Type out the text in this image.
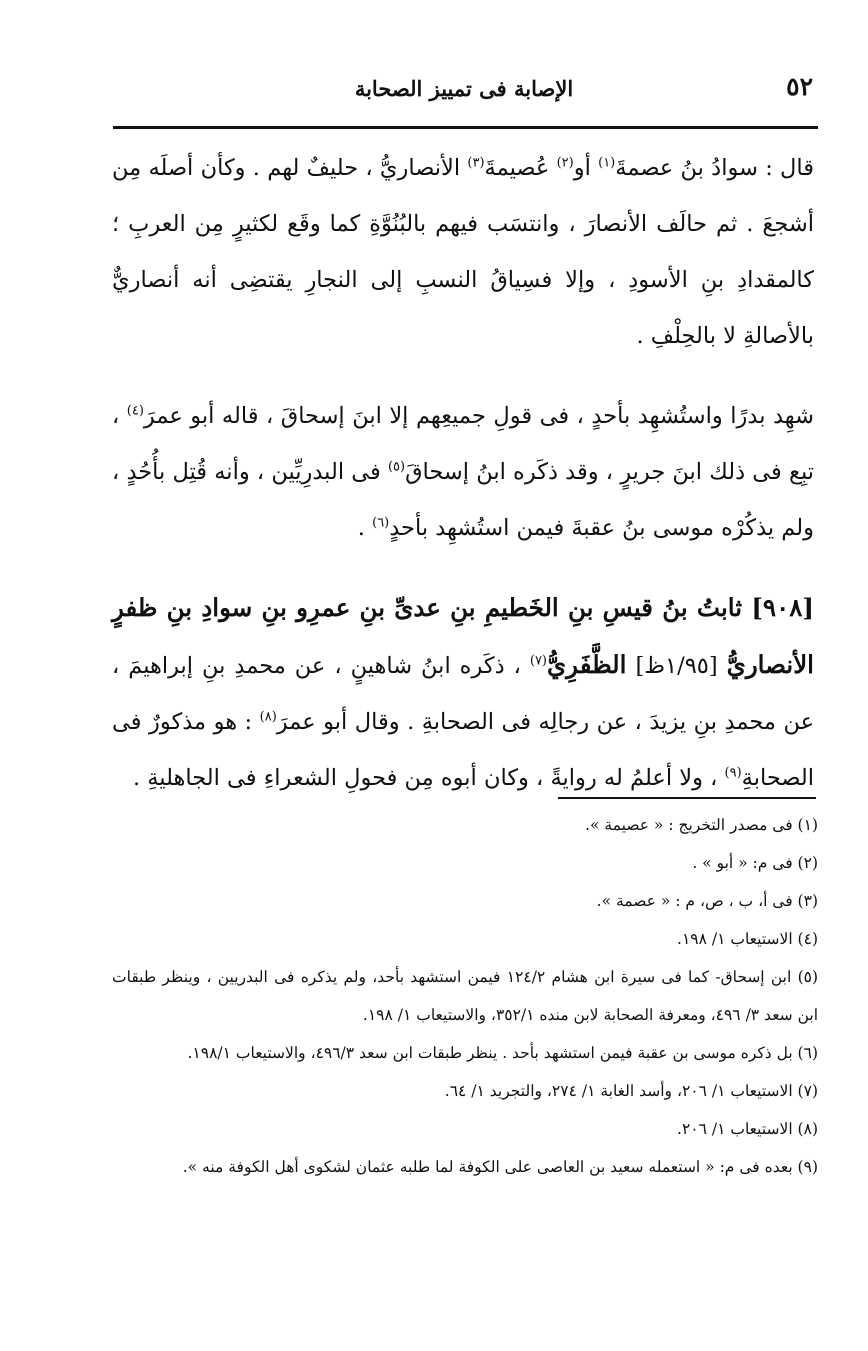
٥٢
الإصابة فى تمييز الصحابة

قال : سوادُ بنُ عصمةَ$^{(١)}$ أو$^{(٢)}$ عُصيمةَ$^{(٣)}$ الأنصاريُّ ، حليفٌ لهم . وكأن أصلَه مِن أشجعَ . ثم حالَف الأنصارَ ، وانتسَب فيهم بالبُنُوَّةِ كما وقَع لكثيرٍ مِن العربِ ؛ كالمقدادِ بنِ الأسودِ ، وإلا فسِياقُ النسبِ إلى النجارِ يقتضِى أنه أنصاريٌّ بالأصالةِ لا بالحِلْفِ .

شهِد بدرًا واستُشهِد بأحدٍ ، فى قولِ جميعِهم إلا ابنَ إسحاقَ ، قاله أبو عمرَ$^{(٤)}$ ، تبِع فى ذلك ابنَ جريرٍ ، وقد ذكَره ابنُ إسحاقَ$^{(٥)}$ فى البدرِيِّين ، وأنه قُتِل بأُحُدٍ ، ولم يذكُرْه موسى بنُ عقبةَ فيمن استُشهِد بأحدٍ$^{(٦)}$ .

[٩٠٨] ثابتُ بنُ قيسِ بنِ الخَطيمِ بنِ عدىِّ بنِ عمرِو بنِ سوادِ بنِ ظفرٍ الأنصاريُّ [١/٩٥ظ] الظَّفَرِيُّ$^{(٧)}$ ، ذكَره ابنُ شاهينٍ ، عن محمدِ بنِ إبراهيمَ ، عن محمدِ بنِ يزيدَ ، عن رجالِه فى الصحابةِ . وقال أبو عمرَ$^{(٨)}$ : هو مذكورٌ فى الصحابةِ$^{(٩)}$ ، ولا أعلمُ له روايةً ، وكان أبوه مِن فحولِ الشعراءِ فى الجاهليةِ .

(١) فى مصدر التخريج : « عصيمة ».

(٢) فى م: « أبو » .

(٣) فى أ، ب ، ص، م : « عصمة ».

(٤) الاستيعاب ١/ ١٩٨.

(٥) ابن إسحاق- كما فى سيرة ابن هشام ١٢٤/٢ فيمن استشهد بأحد، ولم يذكره فى البدريين ، وينظر طبقات ابن سعد ٣/ ٤٩٦، ومعرفة الصحابة لابن منده ٣٥٢/١، والاستيعاب ١/ ١٩٨.

(٦) بل ذكره موسى بن عقبة فيمن استشهد بأحد . ينظر طبقات ابن سعد ٤٩٦/٣، والاستيعاب ١٩٨/١.

(٧) الاستيعاب ١/ ٢٠٦، وأسد الغابة ١/ ٢٧٤، والتجريد ١/ ٦٤.

(٨) الاستيعاب ١/ ٢٠٦.

(٩) بعده فى م: « استعمله سعيد بن العاصى على الكوفة لما طلبه عثمان لشكوى أهل الكوفة منه ».
